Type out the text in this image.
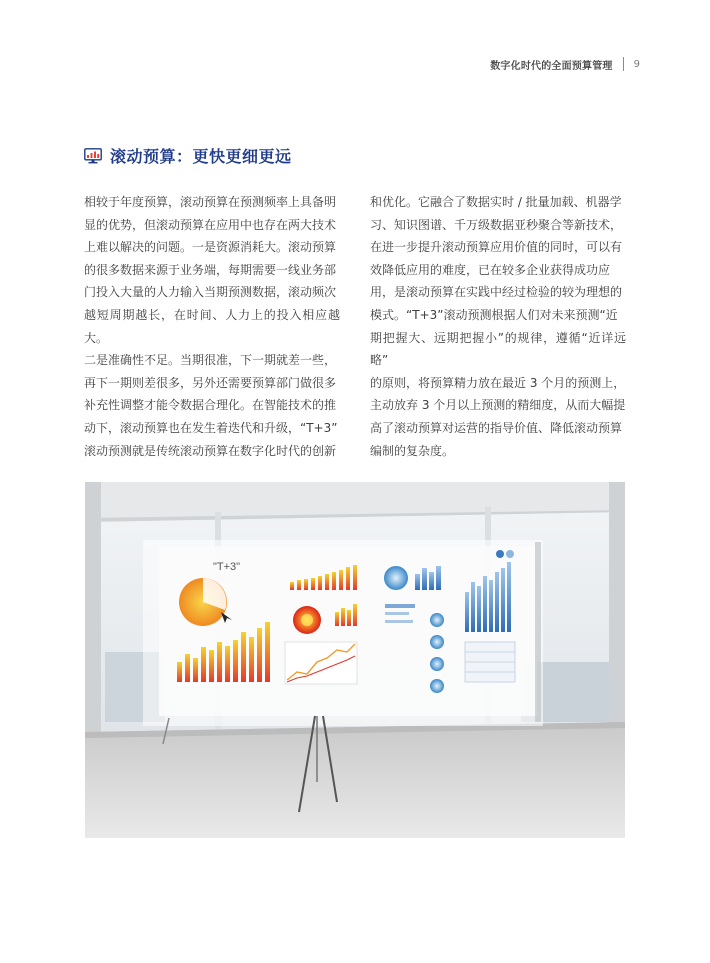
数字化时代的全面预算管理 9
滚动预算：更快更细更远
相较于年度预算，滚动预算在预测频率上具备明
显的优势，但滚动预算在应用中也存在两大技术
上难以解决的问题。一是资源消耗大。滚动预算
的很多数据来源于业务端，每期需要一线业务部
门投入大量的人力输入当期预测数据，滚动频次
越短周期越长，在时间、人力上的投入相应越大。
二是准确性不足。当期很准，下一期就差一些，
再下一期则差很多，另外还需要预算部门做很多
补充性调整才能令数据合理化。在智能技术的推
动下，滚动预算也在发生着迭代和升级，“T+3”
滚动预测就是传统滚动预算在数字化时代的创新
和优化。它融合了数据实时 / 批量加载、机器学
习、知识图谱、千万级数据亚秒聚合等新技术，
在进一步提升滚动预算应用价值的同时，可以有
效降低应用的难度，已在较多企业获得成功应
用，是滚动预算在实践中经过检验的较为理想的
模式。“T+3”滚动预测根据人们对未来预测“近
期把握大、远期把握小”的规律，遵循“近详远略”
的原则，将预算精力放在最近 3 个月的预测上，
主动放弃 3 个月以上预测的精细度，从而大幅提
高了滚动预算对运营的指导价值、降低滚动预算
编制的复杂度。
"T+3"
